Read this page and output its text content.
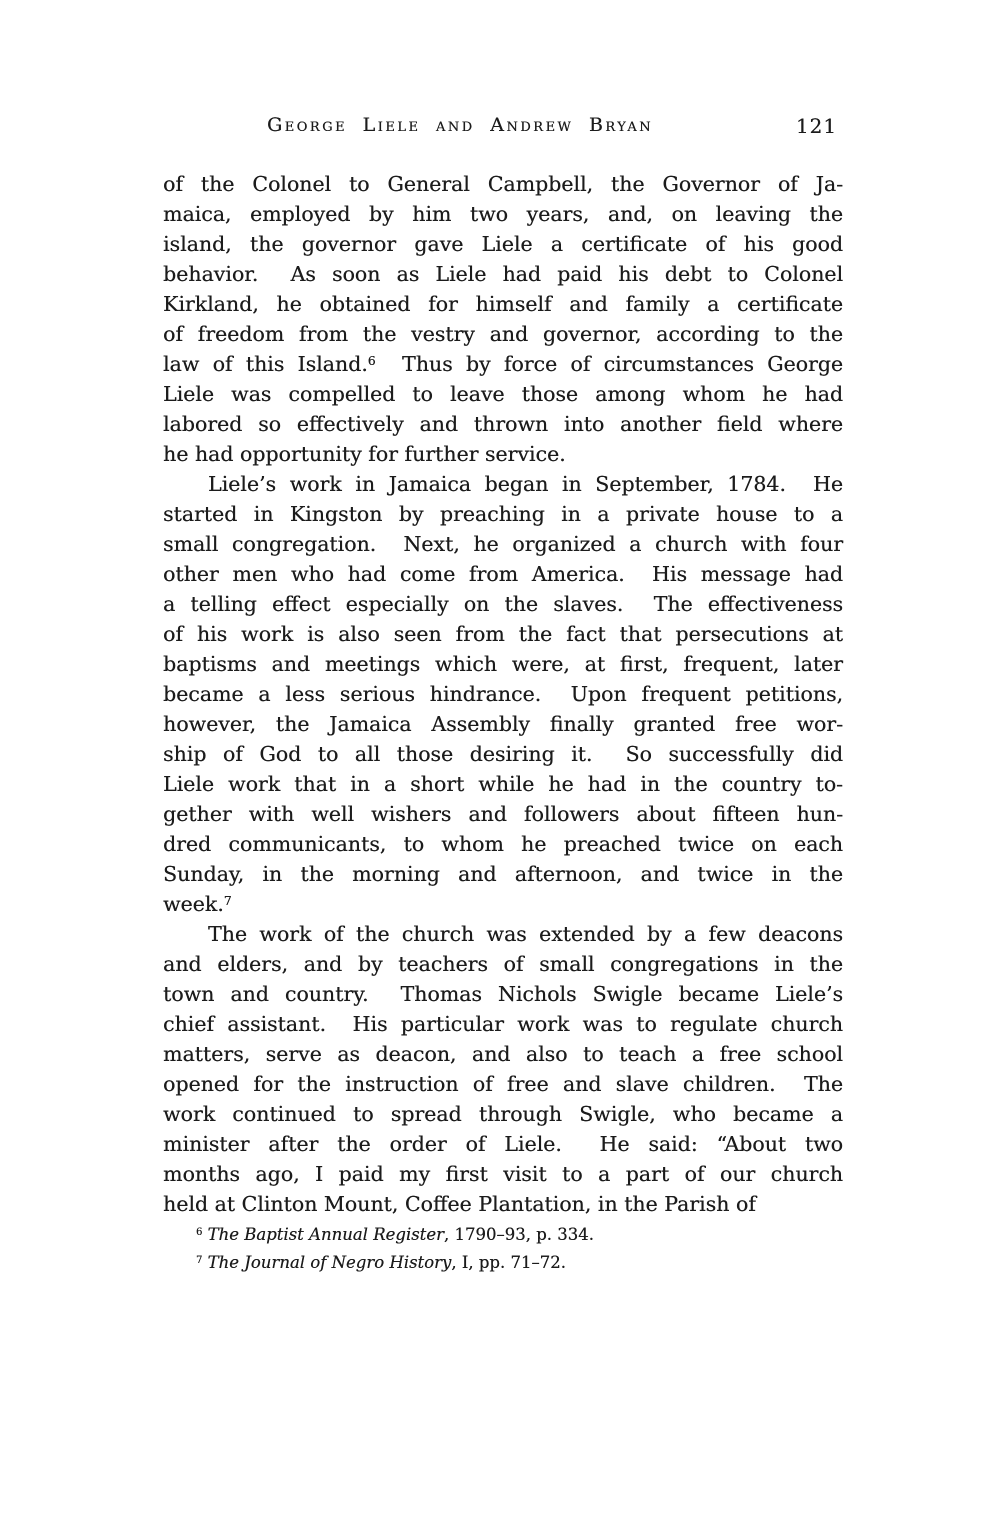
George Liele and Andrew Bryan	121
of the Colonel to General Campbell, the Governor of Ja-
maica, employed by him two years, and, on leaving the
island, the governor gave Liele a certificate of his good
behavior.  As soon as Liele had paid his debt to Colonel
Kirkland, he obtained for himself and family a certificate
of freedom from the vestry and governor, according to the
law of this Island.$^6$  Thus by force of circumstances George
Liele was compelled to leave those among whom he had
labored so effectively and thrown into another field where
he had opportunity for further service.
Liele’s work in Jamaica began in September, 1784.  He
started in Kingston by preaching in a private house to a
small congregation.  Next, he organized a church with four
other men who had come from America.  His message had
a telling effect especially on the slaves.  The effectiveness
of his work is also seen from the fact that persecutions at
baptisms and meetings which were, at first, frequent, later
became a less serious hindrance.  Upon frequent petitions,
however, the Jamaica Assembly finally granted free wor-
ship of God to all those desiring it.  So successfully did
Liele work that in a short while he had in the country to-
gether with well wishers and followers about fifteen hun-
dred communicants, to whom he preached twice on each
Sunday, in the morning and afternoon, and twice in the
week.$^7$
The work of the church was extended by a few deacons
and elders, and by teachers of small congregations in the
town and country.  Thomas Nichols Swigle became Liele’s
chief assistant.  His particular work was to regulate church
matters, serve as deacon, and also to teach a free school
opened for the instruction of free and slave children.  The
work continued to spread through Swigle, who became a
minister after the order of Liele.  He said: “About two
months ago, I paid my first visit to a part of our church
held at Clinton Mount, Coffee Plantation, in the Parish of
$^6$ The Baptist Annual Register, 1790–93, p. 334.
$^7$ The Journal of Negro History, I, pp. 71–72.
